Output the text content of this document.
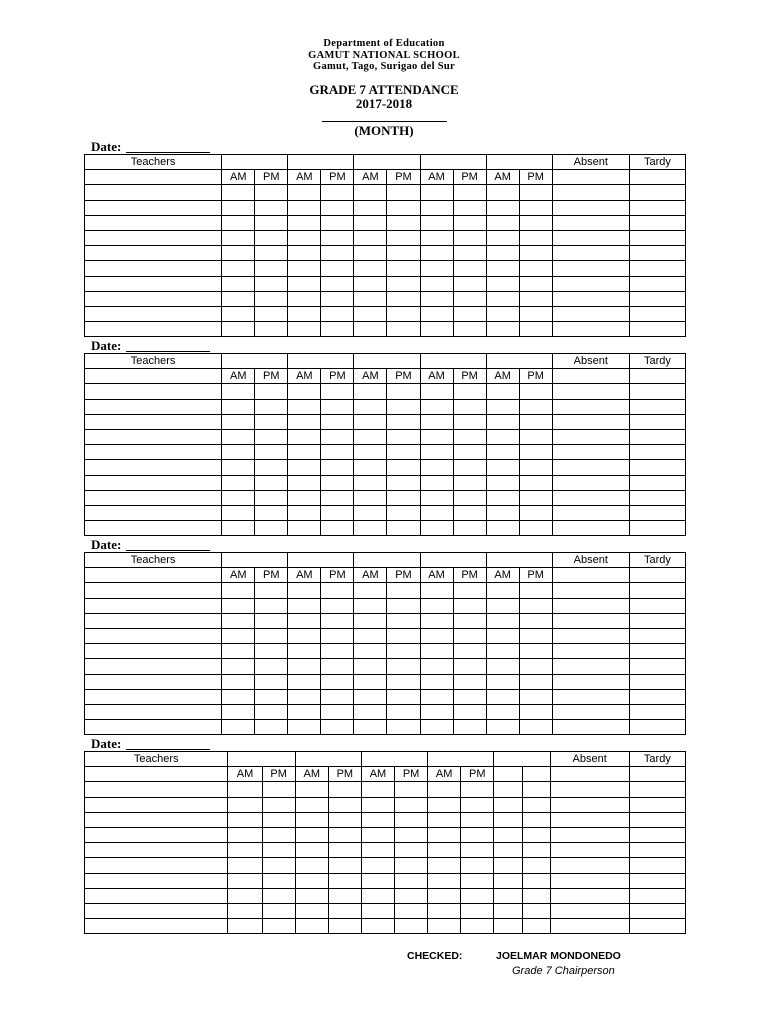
Department of Education
GAMUT NATIONAL SCHOOL
Gamut, Tago, Surigao del Sur
GRADE 7 ATTENDANCE
2017-2018
(MONTH)
Date:
Teachers											Absent	Tardy
	AM	PM	AM	PM	AM	PM	AM	PM	AM	PM		

Date:
Teachers											Absent	Tardy
	AM	PM	AM	PM	AM	PM	AM	PM	AM	PM		

Date:
Teachers											Absent	Tardy
	AM	PM	AM	PM	AM	PM	AM	PM	AM	PM		

Date:
Teachers											Absent	Tardy
	AM	PM	AM	PM	AM	PM	AM	PM				

CHECKED:	JOELMAR MONDONEDO
Grade 7 Chairperson
